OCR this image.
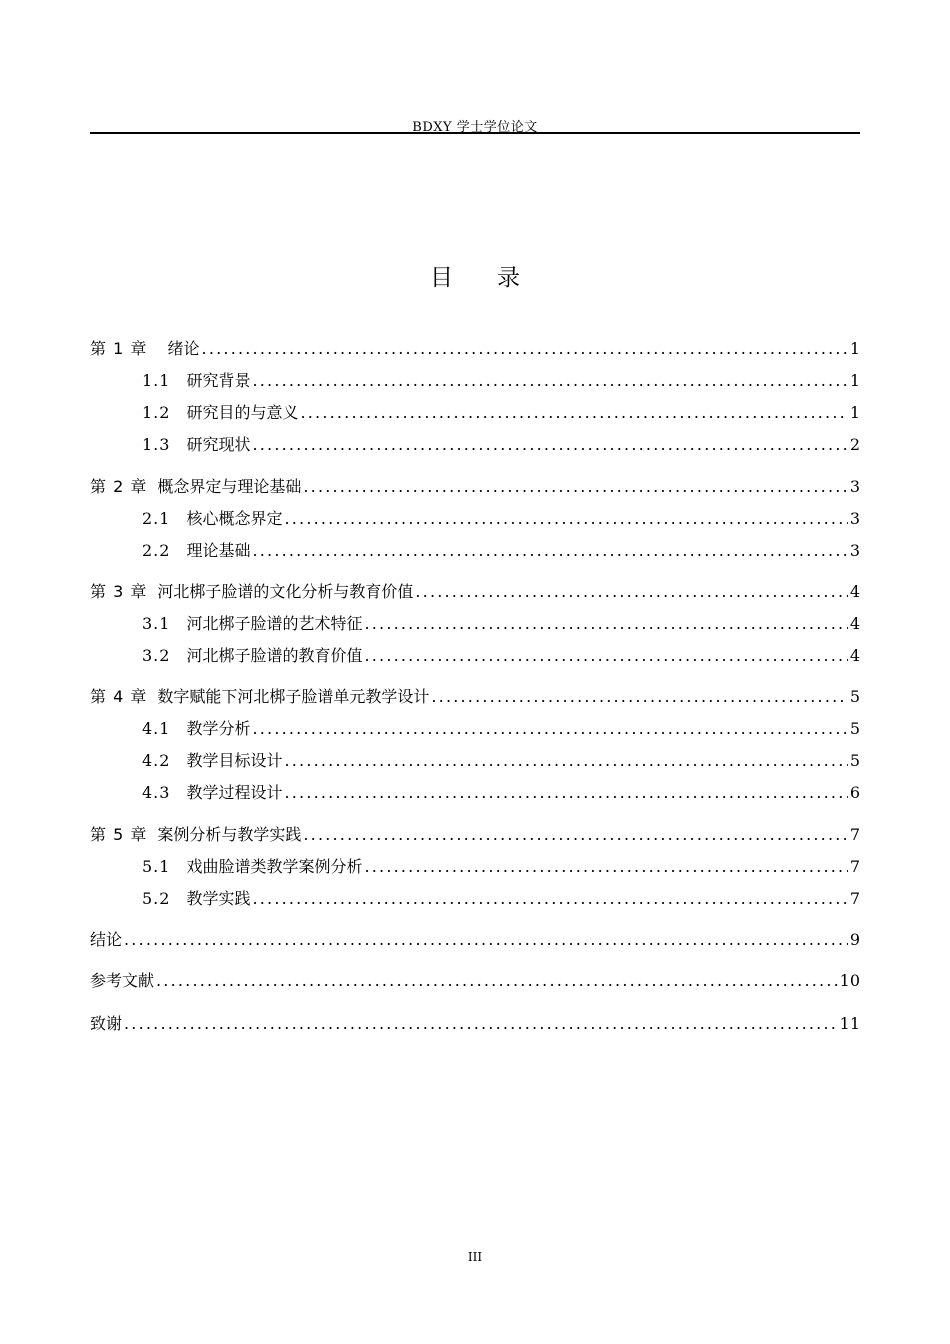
BDXY 学士学位论文
目录
第 1 章 绪论 .....	1
1.1 研究背景 .....	1
1.2 研究目的与意义 .....	1
1.3 研究现状 .....	2
第 2 章 概念界定与理论基础 .....	3
2.1 核心概念界定 .....	3
2.2 理论基础 .....	3
第 3 章 河北梆子脸谱的文化分析与教育价值 .....	4
3.1 河北梆子脸谱的艺术特征 .....	4
3.2 河北梆子脸谱的教育价值 .....	4
第 4 章 数字赋能下河北梆子脸谱单元教学设计 .....	5
4.1 教学分析 .....	5
4.2 教学目标设计 .....	5
4.3 教学过程设计 .....	6
第 5 章 案例分析与教学实践 .....	7
5.1 戏曲脸谱类教学案例分析 .....	7
5.2 教学实践 .....	7
结论 .....	9
参考文献 .....	10
致谢 .....	11
III
